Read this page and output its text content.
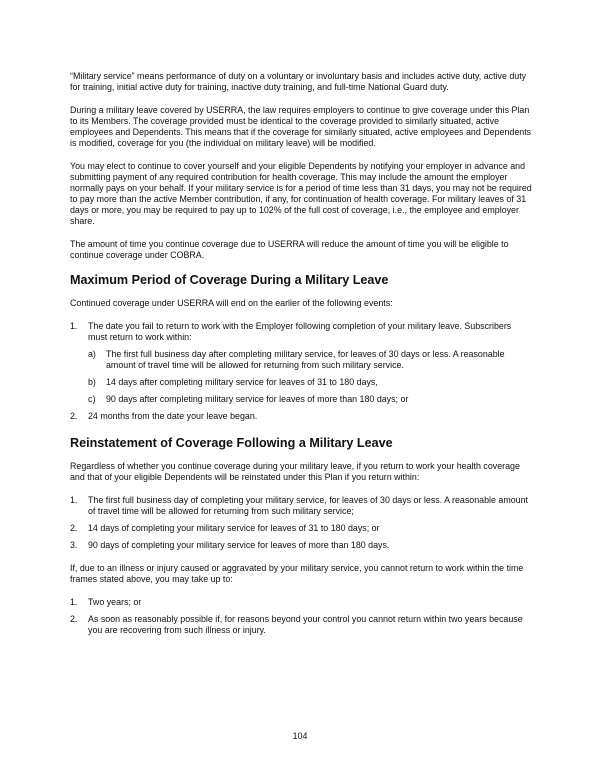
“Military service” means performance of duty on a voluntary or involuntary basis and includes active duty, active duty for training, initial active duty for training, inactive duty training, and full-time National Guard duty.

During a military leave covered by USERRA, the law requires employers to continue to give coverage under this Plan to its Members. The coverage provided must be identical to the coverage provided to similarly situated, active employees and Dependents. This means that if the coverage for similarly situated, active employees and Dependents is modified, coverage for you (the individual on military leave) will be modified.

You may elect to continue to cover yourself and your eligible Dependents by notifying your employer in advance and submitting payment of any required contribution for health coverage. This may include the amount the employer normally pays on your behalf. If your military service is for a period of time less than 31 days, you may not be required to pay more than the active Member contribution, if any, for continuation of health coverage. For military leaves of 31 days or more, you may be required to pay up to 102% of the full cost of coverage, i.e., the employee and employer share.

The amount of time you continue coverage due to USERRA will reduce the amount of time you will be eligible to continue coverage under COBRA.

Maximum Period of Coverage During a Military Leave

Continued coverage under USERRA will end on the earlier of the following events:

1. The date you fail to return to work with the Employer following completion of your military leave. Subscribers must return to work within:
a) The first full business day after completing military service, for leaves of 30 days or less. A reasonable amount of travel time will be allowed for returning from such military service.
b) 14 days after completing military service for leaves of 31 to 180 days,
c) 90 days after completing military service for leaves of more than 180 days; or
2. 24 months from the date your leave began.
Reinstatement of Coverage Following a Military Leave

Regardless of whether you continue coverage during your military leave, if you return to work your health coverage and that of your eligible Dependents will be reinstated under this Plan if you return within:

1. The first full business day of completing your military service, for leaves of 30 days or less. A reasonable amount of travel time will be allowed for returning from such military service;
2. 14 days of completing your military service for leaves of 31 to 180 days; or
3. 90 days of completing your military service for leaves of more than 180 days.

If, due to an illness or injury caused or aggravated by your military service, you cannot return to work within the time frames stated above, you may take up to:

1. Two years; or
2. As soon as reasonably possible if, for reasons beyond your control you cannot return within two years because you are recovering from such illness or injury.
104
